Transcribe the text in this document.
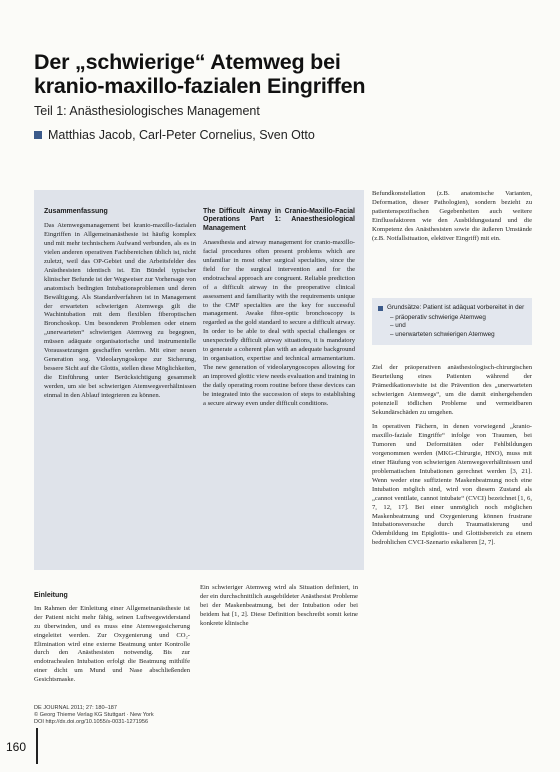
Der „schwierige“ Atemweg bei
kranio-maxillo-fazialen Eingriffen
Teil 1: Anästhesiologisches Management
Matthias Jacob, Carl-Peter Cornelius, Sven Otto
Zusammenfassung

Das Atemwegsmanagement bei kranio-maxillo-fazialen Eingriffen in Allgemeinanästhesie ist häufig komplex und mit mehr technischem Aufwand verbunden, als es in vielen anderen operativen Fachbereichen üblich ist, nicht zuletzt, weil das OP-Gebiet und die Arbeitsfelder des Anästhesisten identisch ist. Ein Bündel typischer klinischer Befunde ist der Wegweiser zur Vorhersage von anatomisch bedingten Intubationsproblemen und deren Bewältigung. Als Standardverfahren ist in Management der erwarteten schwierigen Atemwegs gilt die Wachintubation mit dem flexiblen fiberoptischen Bronchoskop. Um besonderen Problemen oder einem „unerwarteten“ schwierigen Atemweg zu begegnen, müssen adäquate organisatorische und instrumentelle Voraussetzungen geschaffen werden. Mit einer neuen Generation sog. Videolaryngoskope zur Sicherung, bessere Sicht auf die Glottis, stellen diese Möglichkeiten, die Einführung unter Berücksichtigung gesammelt werden, um sie bei schwierigen Atemwegsverhältnissen einmal in den Ablauf integrieren zu können.

The Difficult Airway in Cranio-Maxillo-Facial Operations Part 1: Anaesthesiological Management

Anaesthesia and airway management for cranio-maxillo-facial procedures often present problems which are unfamiliar in most other surgical specialties, since the field for the surgical intervention and for the endotracheal approach are congruent. Reliable prediction of a difficult airway in the preoperative clinical assessment and familiarity with the requirements unique to the CMF specialties are the key for successful management. Awake fibre-optic bronchoscopy is regarded as the gold standard to secure a difficult airway. In order to be able to deal with special challenges or unexpectedly difficult airway situations, it is mandatory to generate a coherent plan with an adequate background in organisation, expertise and technical armamentarium. The new generation of videolaryngoscopes allowing for an improved glottic view needs evaluation and training in the daily operating room routine before these devices can be integrated into the succession of steps to establishing a secure airway even under difficult conditions.

Einleitung

Im Rahmen der Einleitung einer Allgemeinanästhesie ist der Patient nicht mehr fähig, seinen Luftwegswiderstand zu überwinden, und es muss eine Atemwegssicherung eingeleitet werden. Zur Oxygenierung und CO₂-Elimination wird eine externe Beatmung unter Kontrolle durch den Anästhesisten notwendig. Bis zur endotrachealen Intubation erfolgt die Beatmung mithilfe einer dicht um Mund und Nase abschließenden Gesichtsmaske.

Ein schwieriger Atemweg wird als Situation definiert, in der ein durchschnittlich ausgebildeter Anästhesist Probleme bei der Maskenbeatmung, bei der Intubation oder bei beidem hat [1, 2]. Diese Definition beschreibt somit keine konkrete klinische

Befundkonstellation (z.B. anatomische Varianten, Deformation, dieser Pathologien), sondern bezieht zu patientenspezifischen Gegebenheiten auch weitere Einflussfaktoren wie den Ausbildungsstand und die Kompetenz des Anästhesisten sowie die äußeren Umstände (z.B. Notfallsituation, elektiver Eingriff) mit ein.

Grundsätze: Patient ist adäquat vorbereitet in der
– präoperativ schwierige Atemweg
– und
– unerwarteten schwierigen Atemweg

Ziel der präoperativen anästhesiologisch-chirurgischen Beurteilung eines Patienten während der Prämedikationsvisite ist die Prävention des „unerwarteten schwierigen Atemwegs“, um die damit einhergehenden potenziell tödlichen Probleme und vermeidbaren Sekundärschäden zu umgehen.

In operativen Fächern, in denen vorwiegend „kranio-maxillo-faziale Eingriffe“ infolge von Traumen, bei Tumoren und Deformitäten oder Fehlbildungen vorgenommen werden (MKG-Chirurgie, HNO), muss mit einer Häufung von schwierigen Atemwegsverhältnissen und problematischen Intubationen gerechnet werden [3, 21]. Wenn weder eine suffiziente Maskenbeatmung noch eine Intubation möglich sind, wird von diesem Zustand als „cannot ventilate, cannot intubate“ (CVCI) bezeichnet [1, 6, 7, 12, 17]. Bei einer unmöglich noch möglichen Maskenbeatmung und Oxygenierung können frustrane Intubationsversuche durch Traumatisierung und Ödembildung im Epiglottis- und Glottisbereich zu einem bedrohlichen CVCI-Szenario eskalieren [2, 7].

DE JOURNAL 2011; 27: 180–187
© Georg Thieme Verlag KG Stuttgart · New York
DOI http://dx.doi.org/10.1055/s-0031-1271956
160
